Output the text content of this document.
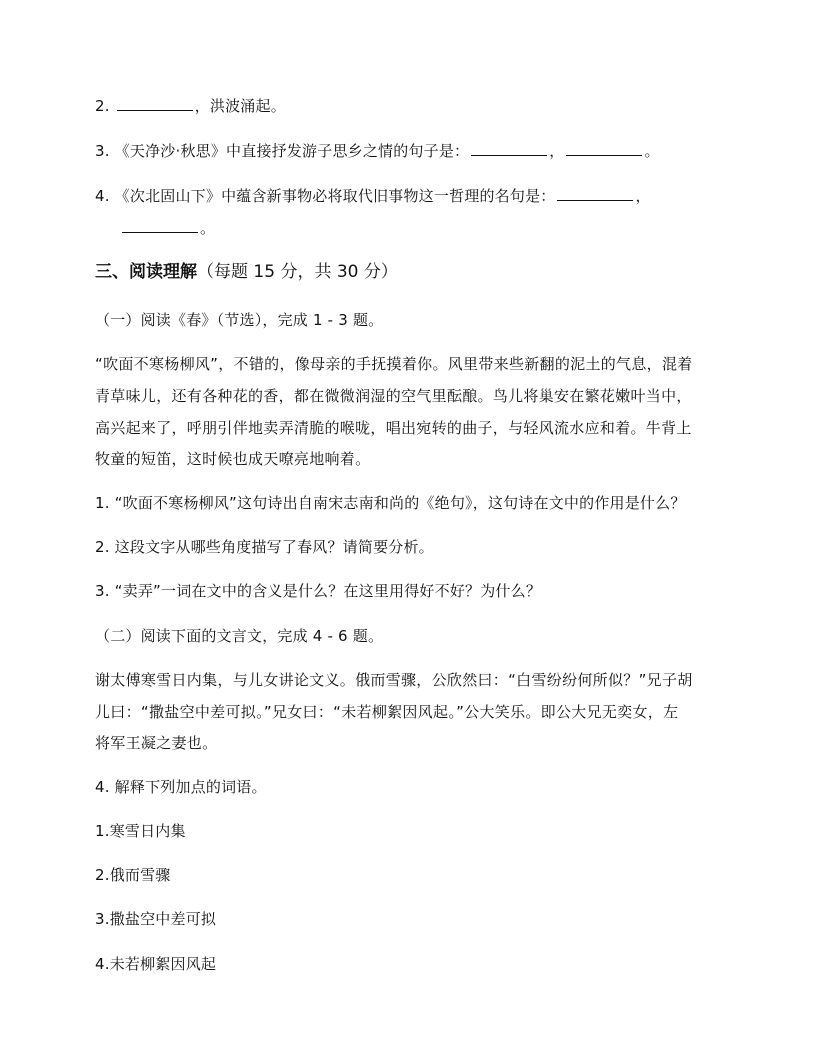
2.	，洪波涌起。
3. 《天净沙·秋思》中直接抒发游子思乡之情的句子是：	，	。
4. 《次北固山下》中蕴含新事物必将取代旧事物这一哲理的名句是：	，
。
三、阅读理解（每题 15 分，共 30 分）
（一）阅读《春》（节选），完成 1 - 3 题。
“吹面不寒杨柳风”，不错的，像母亲的手抚摸着你。风里带来些新翻的泥土的气息，混着
青草味儿，还有各种花的香，都在微微润湿的空气里酝酿。鸟儿将巢安在繁花嫩叶当中，
高兴起来了，呼朋引伴地卖弄清脆的喉咙，唱出宛转的曲子，与轻风流水应和着。牛背上
牧童的短笛，这时候也成天嘹亮地响着。
1. “吹面不寒杨柳风”这句诗出自南宋志南和尚的《绝句》，这句诗在文中的作用是什么？
2. 这段文字从哪些角度描写了春风？请简要分析。
3. “卖弄”一词在文中的含义是什么？在这里用得好不好？为什么？
（二）阅读下面的文言文，完成 4 - 6 题。
谢太傅寒雪日内集，与儿女讲论文义。俄而雪骤，公欣然曰：“白雪纷纷何所似？”兄子胡
儿曰：“撒盐空中差可拟。”兄女曰：“未若柳絮因风起。”公大笑乐。即公大兄无奕女，左
将军王凝之妻也。
4. 解释下列加点的词语。
1.寒雪日内集
2.俄而雪骤
3.撒盐空中差可拟
4.未若柳絮因风起
